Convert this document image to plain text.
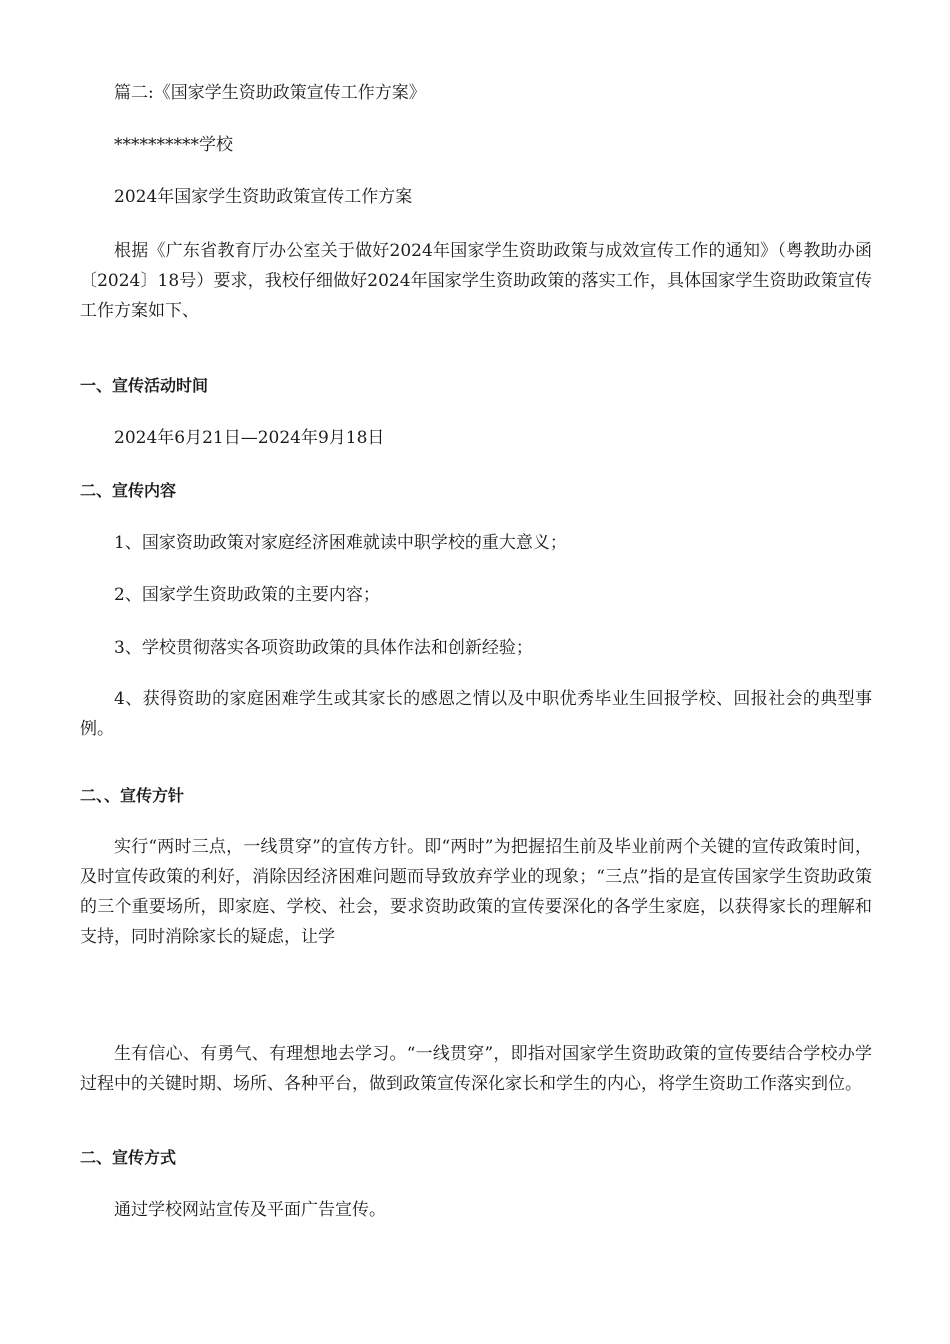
篇二:《国家学生资助政策宣传工作方案》

**********学校

2024年国家学生资助政策宣传工作方案

根据《广东省教育厅办公室关于做好2024年国家学生资助政策与成效宣传工作的通知》（粤教助办函〔2024〕18号）要求，我校仔细做好2024年国家学生资助政策的落实工作，具体国家学生资助政策宣传工作方案如下、

一、宣传活动时间

2024年6月21日—2024年9月18日

二、宣传内容

1、国家资助政策对家庭经济困难就读中职学校的重大意义；

2、国家学生资助政策的主要内容；

3、学校贯彻落实各项资助政策的具体作法和创新经验；

4、获得资助的家庭困难学生或其家长的感恩之情以及中职优秀毕业生回报学校、回报社会的典型事例。

二、、宣传方针

实行“两时三点，一线贯穿”的宣传方针。即“两时”为把握招生前及毕业前两个关键的宣传政策时间，及时宣传政策的利好，消除因经济困难问题而导致放弃学业的现象；“三点”指的是宣传国家学生资助政策的三个重要场所，即家庭、学校、社会，要求资助政策的宣传要深化的各学生家庭，以获得家长的理解和支持，同时消除家长的疑虑，让学

生有信心、有勇气、有理想地去学习。“一线贯穿”，即指对国家学生资助政策的宣传要结合学校办学过程中的关键时期、场所、各种平台，做到政策宣传深化家长和学生的内心，将学生资助工作落实到位。

二、宣传方式

通过学校网站宣传及平面广告宣传。
